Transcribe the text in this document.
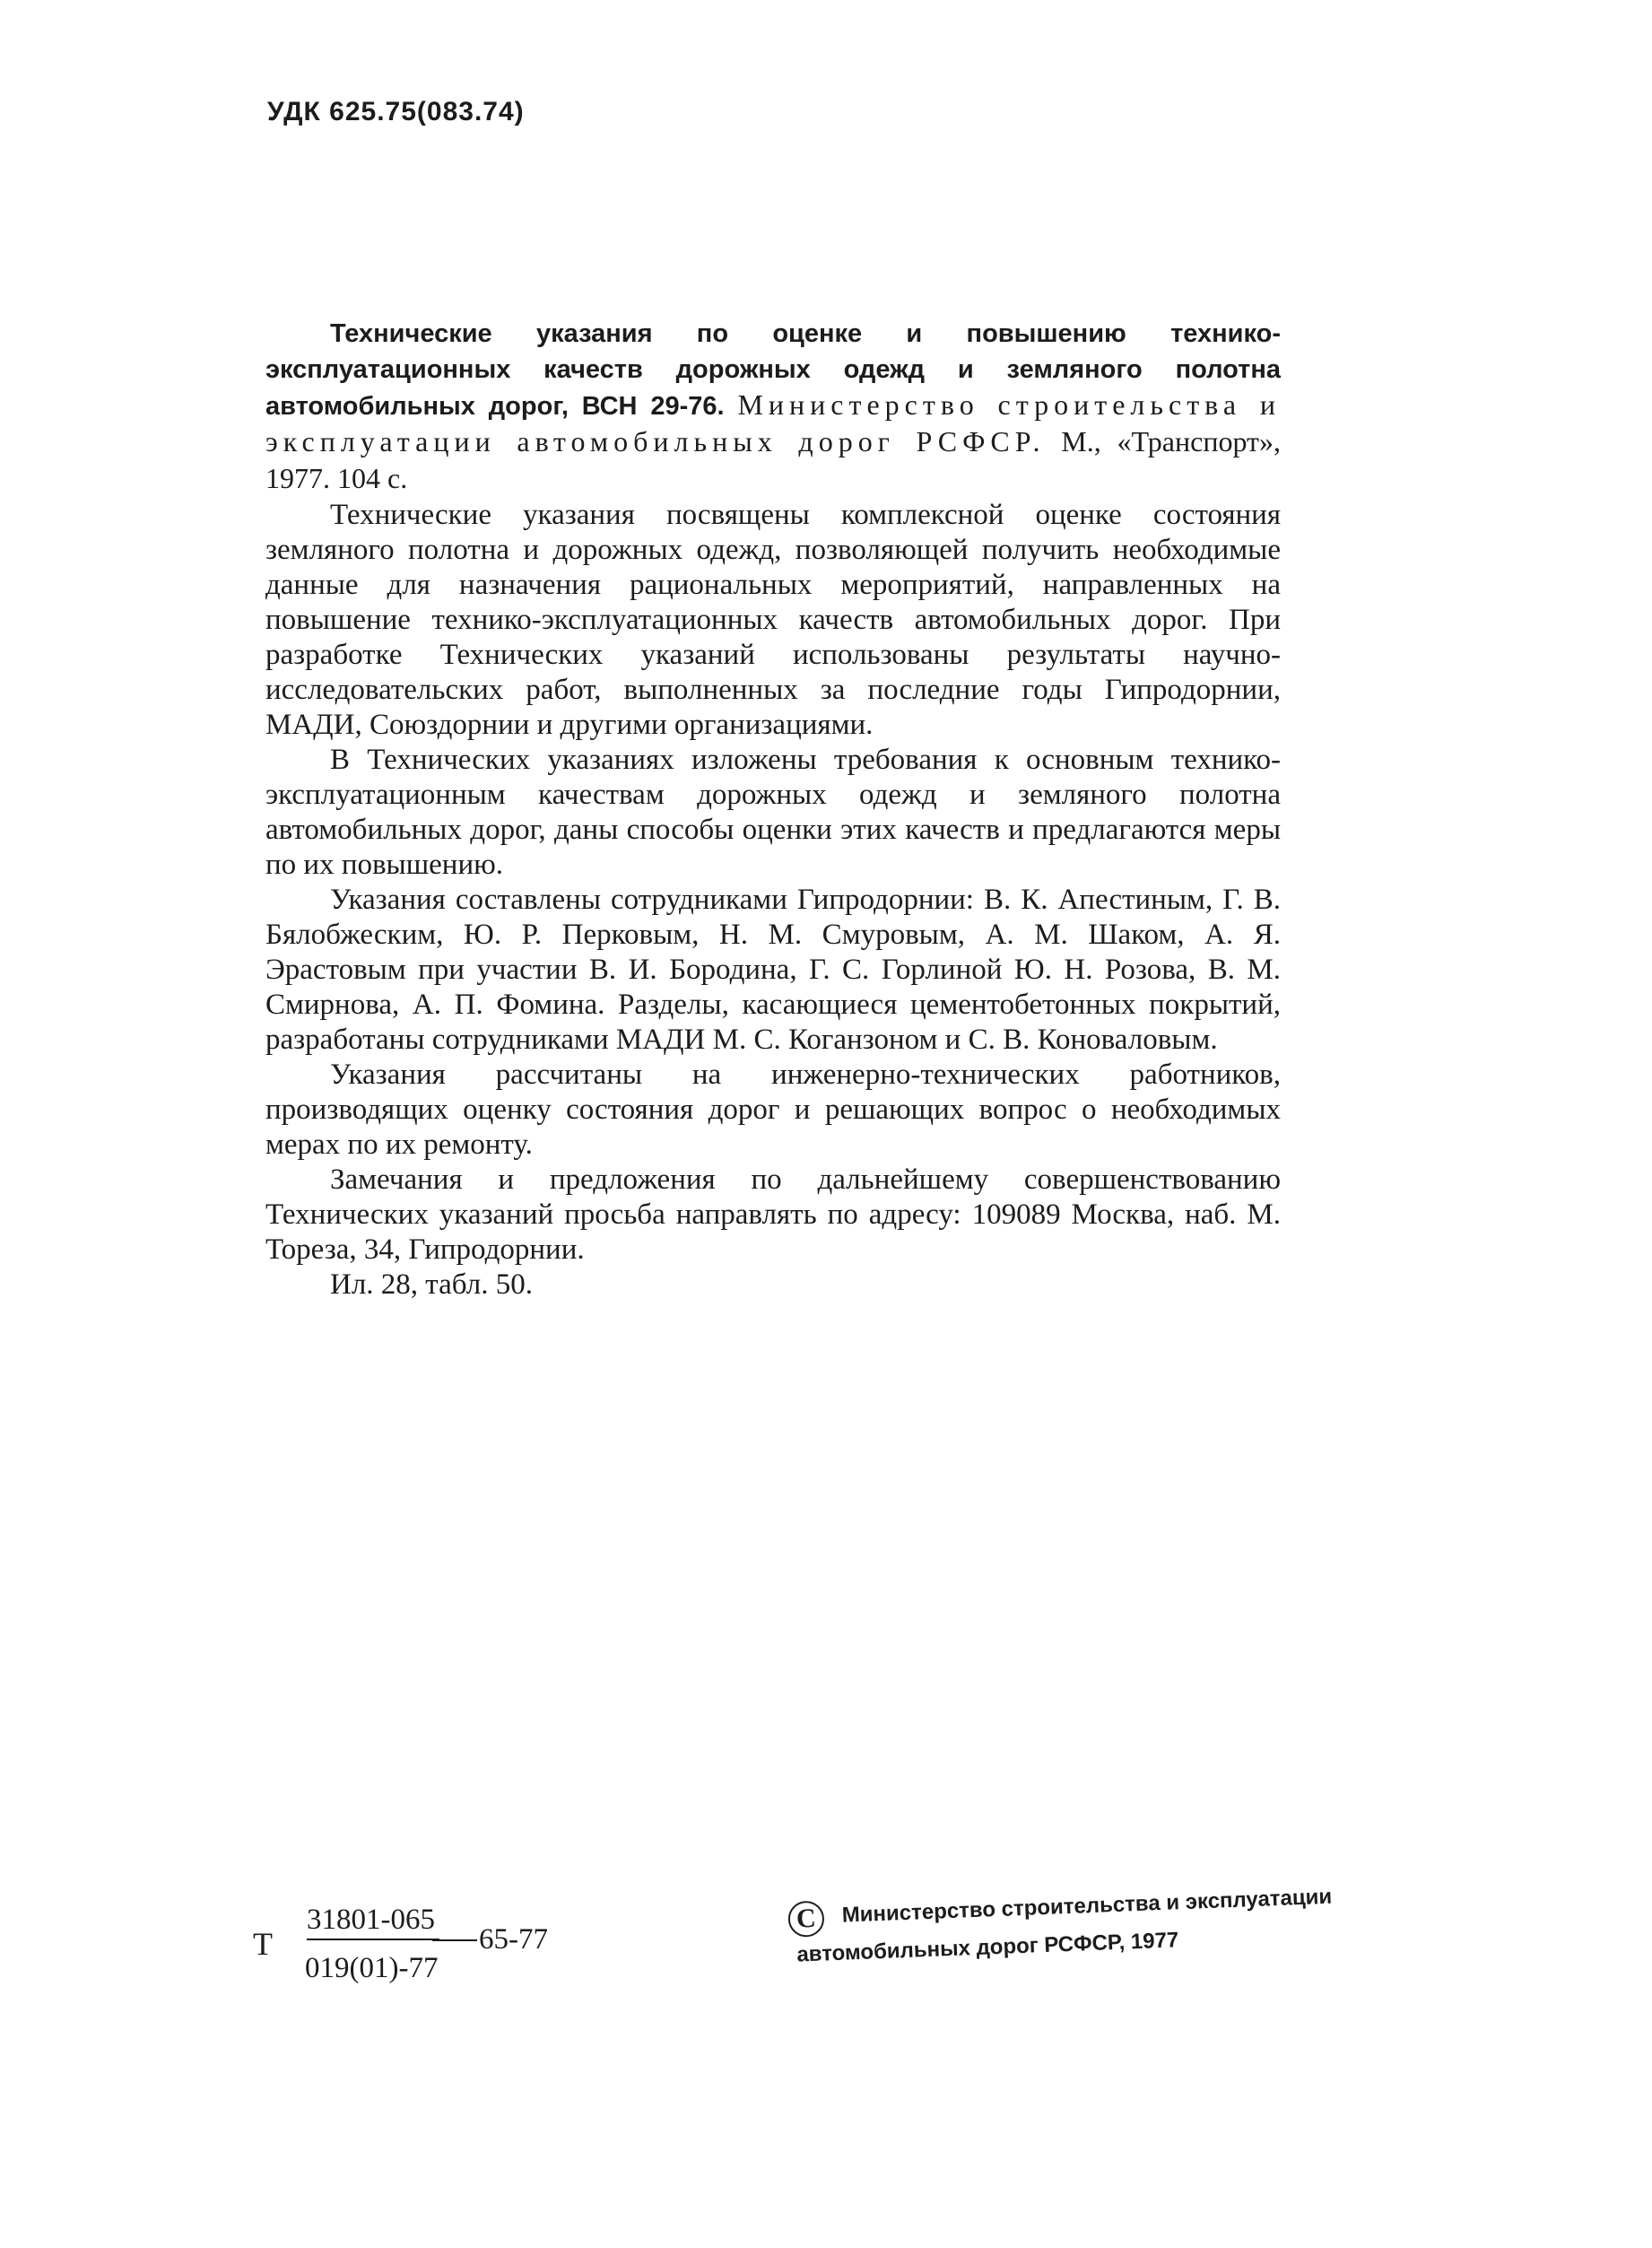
УДК 625.75(083.74)

Технические указания по оценке и повышению технико-эксплуатационных качеств дорожных одежд и земляного полотна автомобильных дорог, ВСН 29-76. Министерство строительства и эксплуатации автомобильных дорог РСФСР. М., «Транспорт», 1977. 104 с.

Технические указания посвящены комплексной оценке состояния земляного полотна и дорожных одежд, позволяющей получить необходимые данные для назначения рациональных мероприятий, направленных на повышение технико-эксплуатационных качеств автомобильных дорог. При разработке Технических указаний использованы результаты научно-исследовательских работ, выполненных за последние годы Гипродорнии, МАДИ, Союздорнии и другими организациями.

В Технических указаниях изложены требования к основным технико-эксплуатационным качествам дорожных одежд и земляного полотна автомобильных дорог, даны способы оценки этих качеств и предлагаются меры по их повышению.

Указания составлены сотрудниками Гипродорнии: В. К. Апестиным, Г. В. Бялобжеским, Ю. Р. Перковым, Н. М. Смуровым, А. М. Шаком, А. Я. Эрастовым при участии В. И. Бородина, Г. С. Горлиной Ю. Н. Розова, В. М. Смирнова, А. П. Фомина. Разделы, касающиеся цементобетонных покрытий, разработаны сотрудниками МАДИ М. С. Коганзоном и С. В. Коноваловым.

Указания рассчитаны на инженерно-технических работников, производящих оценку состояния дорог и решающих вопрос о необходимых мерах по их ремонту.

Замечания и предложения по дальнейшему совершенствованию Технических указаний просьба направлять по адресу: 109089 Москва, наб. М. Тореза, 34, Гипродорнии.

Ил. 28, табл. 50.

Т
31801-065
019(01)-77
65-77
С	Министерство строительства и эксплуатации
автомобильных дорог РСФСР, 1977
